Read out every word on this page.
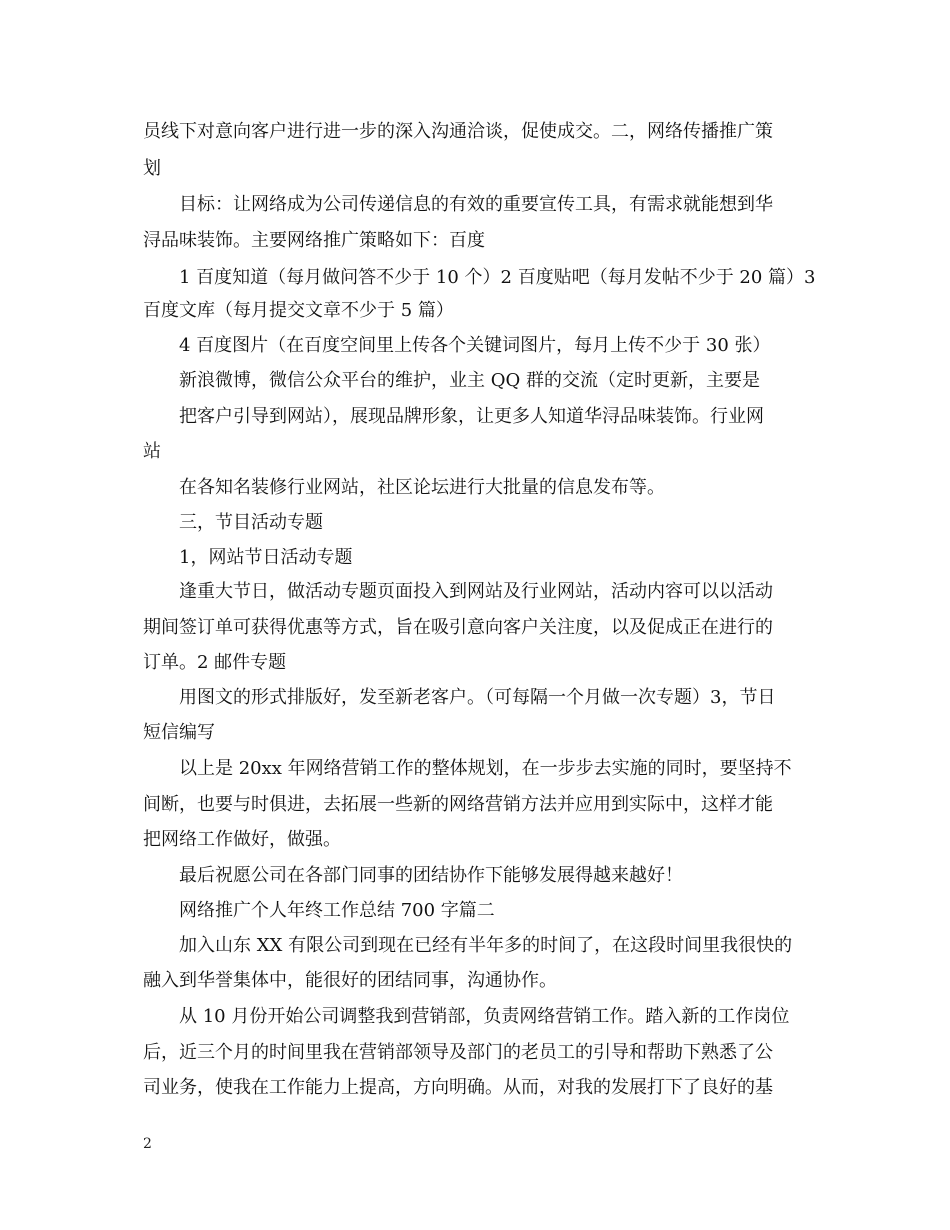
员线下对意向客户进行进一步的深入沟通洽谈，促使成交。二，网络传播推广策
划
目标：让网络成为公司传递信息的有效的重要宣传工具，有需求就能想到华
浔品味装饰。主要网络推广策略如下：百度
1 百度知道（每月做问答不少于 10 个）2 百度贴吧（每月发帖不少于 20 篇）3
百度文库（每月提交文章不少于 5 篇）
4 百度图片（在百度空间里上传各个关键词图片，每月上传不少于 30 张）
新浪微博，微信公众平台的维护，业主 QQ 群的交流（定时更新，主要是
把客户引导到网站），展现品牌形象，让更多人知道华浔品味装饰。行业网
站
在各知名装修行业网站，社区论坛进行大批量的信息发布等。
三，节目活动专题
1，网站节日活动专题
逢重大节日，做活动专题页面投入到网站及行业网站，活动内容可以以活动
期间签订单可获得优惠等方式，旨在吸引意向客户关注度，以及促成正在进行的
订单。2 邮件专题
用图文的形式排版好，发至新老客户。（可每隔一个月做一次专题）3，节日
短信编写
以上是 20xx 年网络营销工作的整体规划，在一步步去实施的同时，要坚持不
间断，也要与时俱进，去拓展一些新的网络营销方法并应用到实际中，这样才能
把网络工作做好，做强。
最后祝愿公司在各部门同事的团结协作下能够发展得越来越好！
网络推广个人年终工作总结 700 字篇二
加入山东 XX 有限公司到现在已经有半年多的时间了，在这段时间里我很快的
融入到华誉集体中，能很好的团结同事，沟通协作。
从 10 月份开始公司调整我到营销部，负责网络营销工作。踏入新的工作岗位
后，近三个月的时间里我在营销部领导及部门的老员工的引导和帮助下熟悉了公
司业务，使我在工作能力上提高，方向明确。从而，对我的发展打下了良好的基
2
